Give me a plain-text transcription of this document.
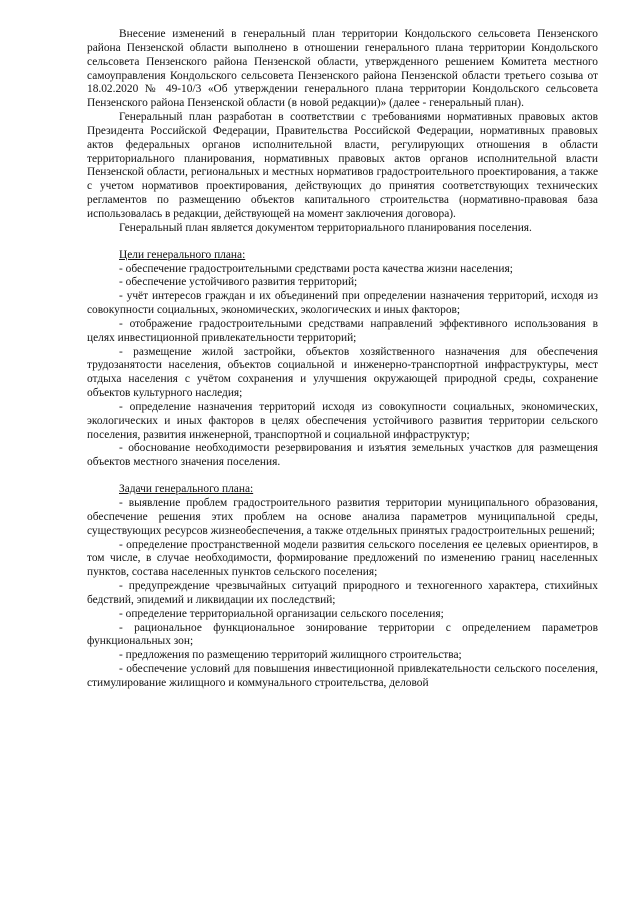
Внесение изменений в генеральный план территории Кондольского сельсовета Пензенского района Пензенской области выполнено в отношении генерального плана территории Кондольского сельсовета Пензенского района Пензенской области, утвержденного решением Комитета местного самоуправления Кондольского сельсовета Пензенского района Пензенской области третьего созыва от 18.02.2020 № 49-10/3 «Об утверждении генерального плана территории Кондольского сельсовета Пензенского района Пензенской области (в новой редакции)» (далее - генеральный план).

Генеральный план разработан в соответствии с требованиями нормативных правовых актов Президента Российской Федерации, Правительства Российской Федерации, нормативных правовых актов федеральных органов исполнительной власти, регулирующих отношения в области территориального планирования, нормативных правовых актов органов исполнительной власти Пензенской области, региональных и местных нормативов градостроительного проектирования, а также с учетом нормативов проектирования, действующих до принятия соответствующих технических регламентов по размещению объектов капитального строительства (нормативно-правовая база использовалась в редакции, действующей на момент заключения договора).

Генеральный план является документом территориального планирования поселения.

Цели генерального плана:

- обеспечение градостроительными средствами роста качества жизни населения;

- обеспечение устойчивого развития территорий;

- учёт интересов граждан и их объединений при определении назначения территорий, исходя из совокупности социальных, экономических, экологических и иных факторов;

- отображение градостроительными средствами направлений эффективного использования в целях инвестиционной привлекательности территорий;

- размещение жилой застройки, объектов хозяйственного назначения для обеспечения трудозанятости населения, объектов социальной и инженерно-транспортной инфраструктуры, мест отдыха населения с учётом сохранения и улучшения окружающей природной среды, сохранение объектов культурного наследия;

- определение назначения территорий исходя из совокупности социальных, экономических, экологических и иных факторов в целях обеспечения устойчивого развития территории сельского поселения, развития инженерной, транспортной и социальной инфраструктур;

- обоснование необходимости резервирования и изъятия земельных участков для размещения объектов местного значения поселения.

Задачи генерального плана:

- выявление проблем градостроительного развития территории муниципального образования, обеспечение решения этих проблем на основе анализа параметров муниципальной среды, существующих ресурсов жизнеобеспечения, а также отдельных принятых градостроительных решений;

- определение пространственной модели развития сельского поселения ее целевых ориентиров, в том числе, в случае необходимости, формирование предложений по изменению границ населенных пунктов, состава населенных пунктов сельского поселения;

- предупреждение чрезвычайных ситуаций природного и техногенного характера, стихийных бедствий, эпидемий и ликвидации их последствий;

- определение территориальной организации сельского поселения;

- рациональное функциональное зонирование территории с определением параметров функциональных зон;

- предложения по размещению территорий жилищного строительства;

- обеспечение условий для повышения инвестиционной привлекательности сельского поселения, стимулирование жилищного и коммунального строительства, деловой
